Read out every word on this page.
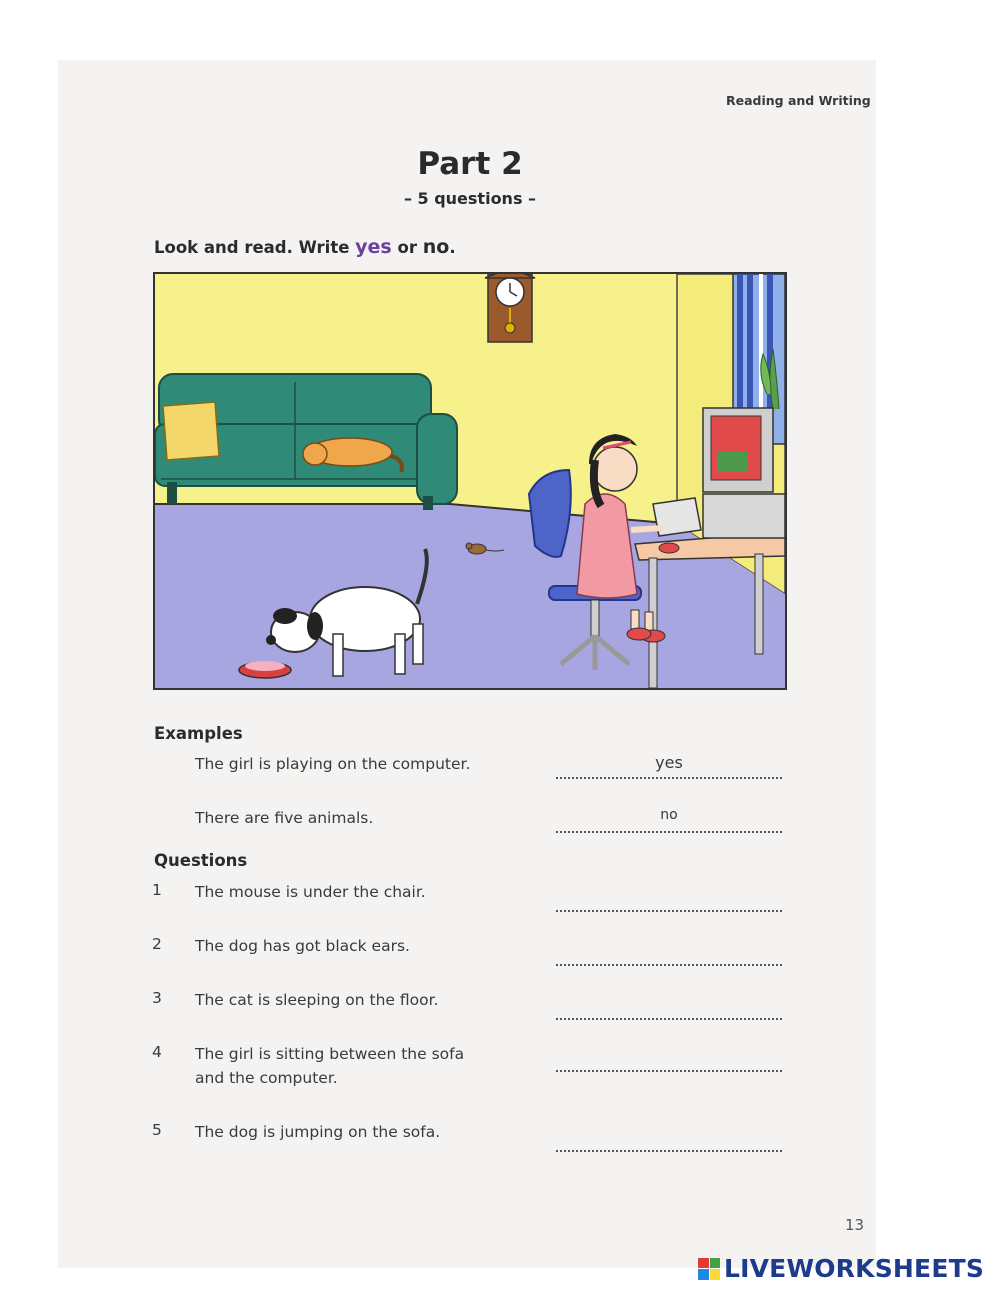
Reading and Writing
Part 2
– 5 questions –
Look and read. Write yes or no.
Examples
The girl is playing on the computer.	yes
There are five animals.	no
Questions
1 The mouse is under the chair.
2 The dog has got black ears.
3 The cat is sleeping on the floor.
4 The girl is sitting between the sofa
and the computer.
5 The dog is jumping on the sofa.
13
LIVEWORKSHEETS
